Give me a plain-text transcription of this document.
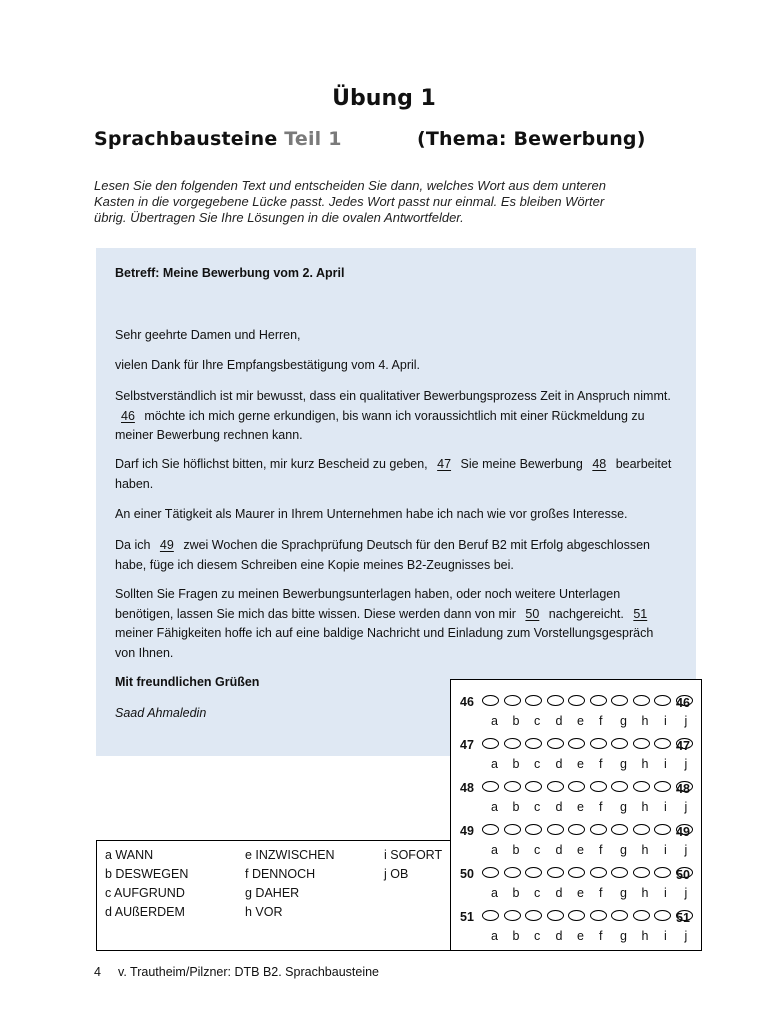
Übung 1
Sprachbausteine Teil 1	(Thema: Bewerbung)
Lesen Sie den folgenden Text und entscheiden Sie dann, welches Wort aus dem unteren Kasten in die vorgegebene Lücke passt. Jedes Wort passt nur einmal. Es bleiben Wörter übrig. Übertragen Sie Ihre Lösungen in die ovalen Antwortfelder.

Betreff: Meine Bewerbung vom 2. April

Sehr geehrte Damen und Herren,

vielen Dank für Ihre Empfangsbestätigung vom 4. April.

Selbstverständlich ist mir bewusst, dass ein qualitativer Bewerbungsprozess Zeit in Anspruch nimmt. 46 möchte ich mich gerne erkundigen, bis wann ich voraussichtlich mit einer Rückmeldung zu meiner Bewerbung rechnen kann.

Darf ich Sie höflichst bitten, mir kurz Bescheid zu geben, 47 Sie meine Bewerbung 48 bearbeitet haben.

An einer Tätigkeit als Maurer in Ihrem Unternehmen habe ich nach wie vor großes Interesse.

Da ich 49 zwei Wochen die Sprachprüfung Deutsch für den Beruf B2 mit Erfolg abgeschlossen habe, füge ich diesem Schreiben eine Kopie meines B2-Zeugnisses bei.

Sollten Sie Fragen zu meinen Bewerbungsunterlagen haben, oder noch weitere Unterlagen benötigen, lassen Sie mich das bitte wissen. Diese werden dann von mir 50 nachgereicht. 51 meiner Fähigkeiten hoffe ich auf eine baldige Nachricht und Einladung zum Vorstellungsgespräch von Ihnen.

Mit freundlichen Grüßen

Saad Ahmaledin

a WANN	e INZWISCHEN	i SOFORT
b DESWEGEN	f DENNOCH	j OB
c AUFGRUND	g DAHER
d AUßERDEM	h VOR
46	46
a b c d e f g h i j
47	47
a b c d e f g h i j
48	48
a b c d e f g h i j
49	49
a b c d e f g h i j
50	50
a b c d e f g h i j
51	51
a b c d e f g h i j
4 v. Trautheim/Pilzner: DTB B2. Sprachbausteine
